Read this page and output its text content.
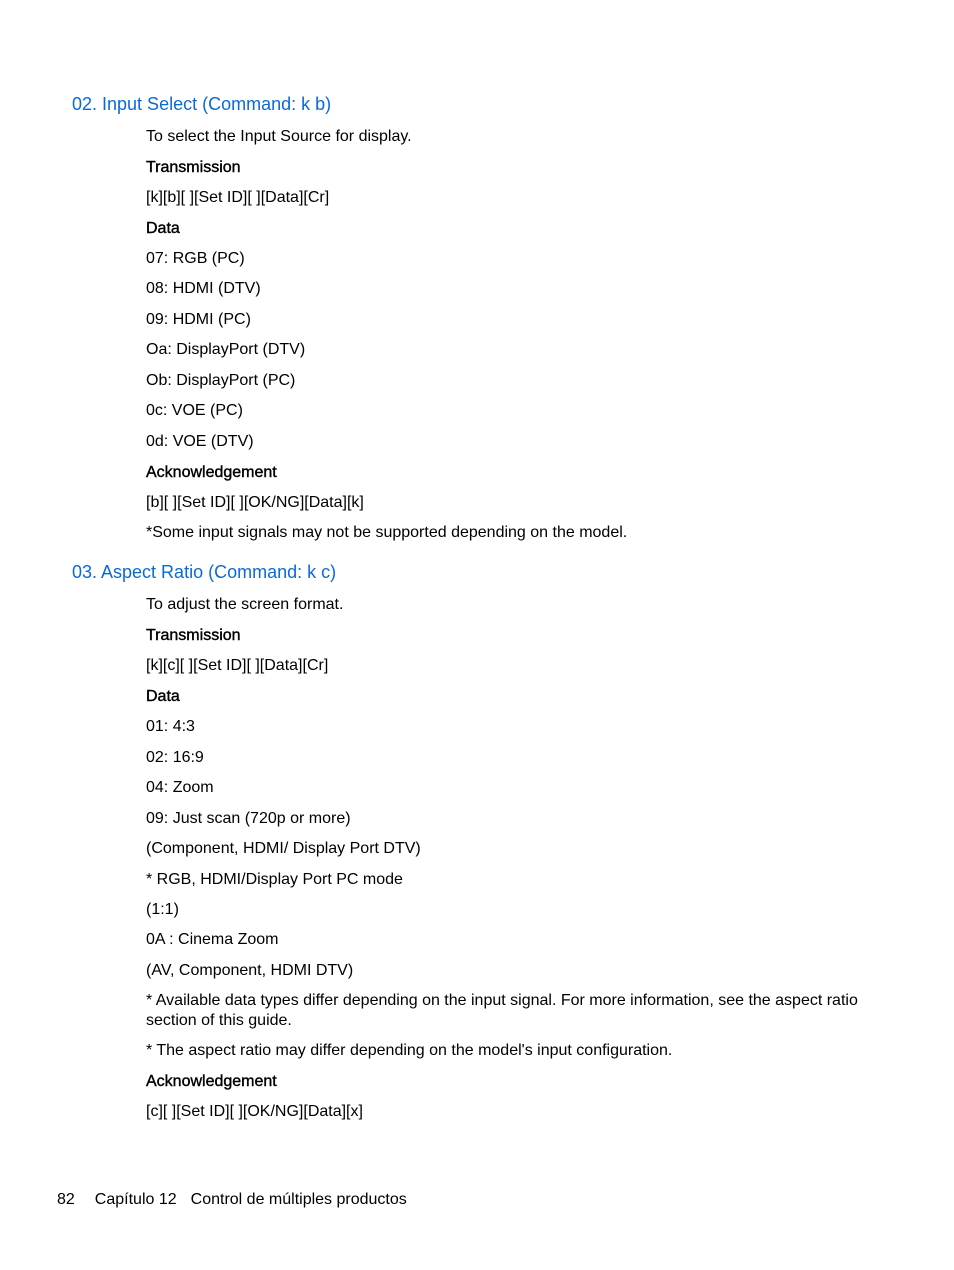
02. Input Select (Command: k b)
To select the Input Source for display.
Transmission
[k][b][ ][Set ID][ ][Data][Cr]
Data
07: RGB (PC)
08: HDMI (DTV)
09: HDMI (PC)
Oa: DisplayPort (DTV)
Ob: DisplayPort (PC)
0c: VOE (PC)
0d: VOE (DTV)
Acknowledgement
[b][ ][Set ID][ ][OK/NG][Data][k]
*Some input signals may not be supported depending on the model.
03. Aspect Ratio (Command: k c)
To adjust the screen format.
Transmission
[k][c][ ][Set ID][ ][Data][Cr]
Data
01: 4:3
02: 16:9
04: Zoom
09: Just scan (720p or more)
(Component, HDMI/ Display Port DTV)
* RGB, HDMI/Display Port PC mode
(1:1)
0A : Cinema Zoom
(AV, Component, HDMI DTV)
* Available data types differ depending on the input signal. For more information, see the aspect ratio section of this guide.
* The aspect ratio may differ depending on the model's input configuration.
Acknowledgement
[c][ ][Set ID][ ][OK/NG][Data][x]
82 Capítulo 12 Control de múltiples productos
